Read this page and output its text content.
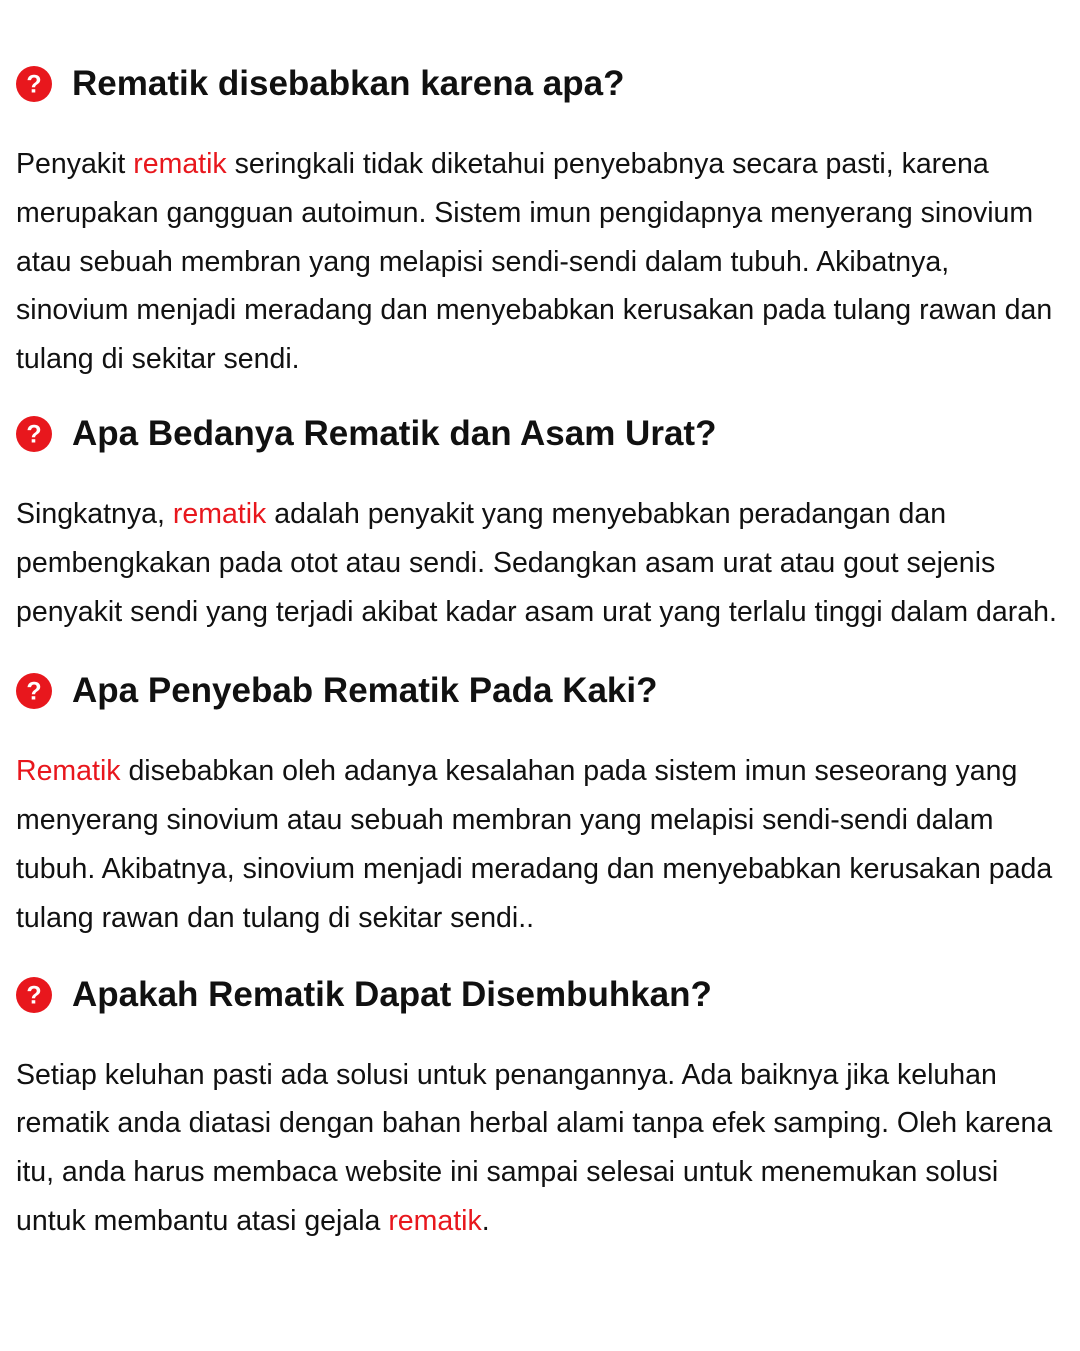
? Rematik disebabkan karena apa?

Penyakit rematik seringkali tidak diketahui penyebabnya secara pasti, karena merupakan gangguan autoimun. Sistem imun pengidapnya menyerang sinovium atau sebuah membran yang melapisi sendi-sendi dalam tubuh. Akibatnya, sinovium menjadi meradang dan menyebabkan kerusakan pada tulang rawan dan tulang di sekitar sendi.

? Apa Bedanya Rematik dan Asam Urat?

Singkatnya, rematik adalah penyakit yang menyebabkan peradangan dan pembengkakan pada otot atau sendi. Sedangkan asam urat atau gout sejenis penyakit sendi yang terjadi akibat kadar asam urat yang terlalu tinggi dalam darah.

? Apa Penyebab Rematik Pada Kaki?

Rematik disebabkan oleh adanya kesalahan pada sistem imun seseorang yang menyerang sinovium atau sebuah membran yang melapisi sendi-sendi dalam tubuh. Akibatnya, sinovium menjadi meradang dan menyebabkan kerusakan pada tulang rawan dan tulang di sekitar sendi..

? Apakah Rematik Dapat Disembuhkan?

Setiap keluhan pasti ada solusi untuk penangannya. Ada baiknya jika keluhan rematik anda diatasi dengan bahan herbal alami tanpa efek samping. Oleh karena itu, anda harus membaca website ini sampai selesai untuk menemukan solusi untuk membantu atasi gejala rematik.
